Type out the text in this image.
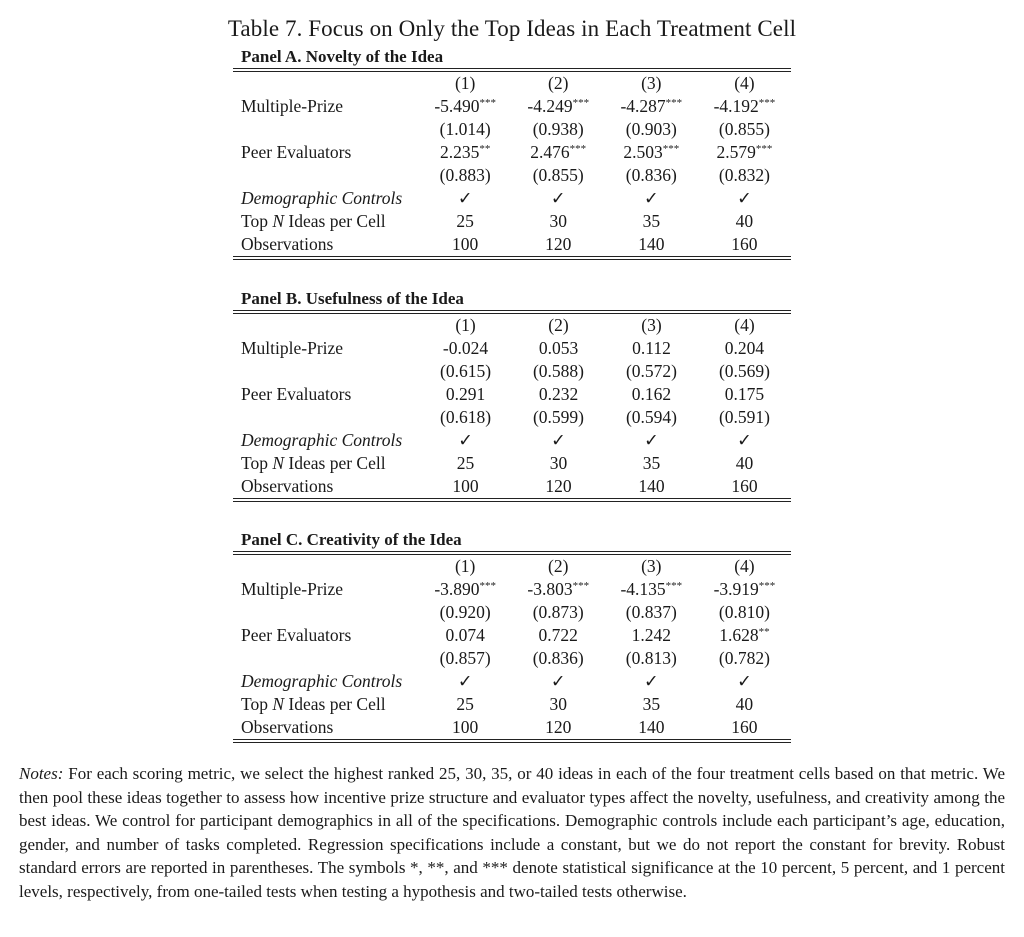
Table 7. Focus on Only the Top Ideas in Each Treatment Cell
Panel A. Novelty of the Idea
	(1)	(2)	(3)	(4)
Multiple-Prize	-5.490***	-4.249***	-4.287***	-4.192***
	(1.014)	(0.938)	(0.903)	(0.855)
Peer Evaluators	2.235**	2.476***	2.503***	2.579***
	(0.883)	(0.855)	(0.836)	(0.832)
Demographic Controls	✓	✓	✓	✓
Top N Ideas per Cell	25	30	35	40
Observations	100	120	140	160
Panel B. Usefulness of the Idea
	(1)	(2)	(3)	(4)
Multiple-Prize	-0.024	0.053	0.112	0.204
	(0.615)	(0.588)	(0.572)	(0.569)
Peer Evaluators	0.291	0.232	0.162	0.175
	(0.618)	(0.599)	(0.594)	(0.591)
Demographic Controls	✓	✓	✓	✓
Top N Ideas per Cell	25	30	35	40
Observations	100	120	140	160
Panel C. Creativity of the Idea
	(1)	(2)	(3)	(4)
Multiple-Prize	-3.890***	-3.803***	-4.135***	-3.919***
	(0.920)	(0.873)	(0.837)	(0.810)
Peer Evaluators	0.074	0.722	1.242	1.628**
	(0.857)	(0.836)	(0.813)	(0.782)
Demographic Controls	✓	✓	✓	✓
Top N Ideas per Cell	25	30	35	40
Observations	100	120	140	160
Notes: For each scoring metric, we select the highest ranked 25, 30, 35, or 40 ideas in each of the four treatment cells based on that metric. We then pool these ideas together to assess how incentive prize structure and evaluator types affect the novelty, usefulness, and creativity among the best ideas. We control for participant demographics in all of the specifications. Demographic controls include each participant’s age, education, gender, and number of tasks completed. Regression specifications include a constant, but we do not report the constant for brevity. Robust standard errors are reported in parentheses. The symbols *, **, and *** denote statistical significance at the 10 percent, 5 percent, and 1 percent levels, respectively, from one-tailed tests when testing a hypothesis and two-tailed tests otherwise.
